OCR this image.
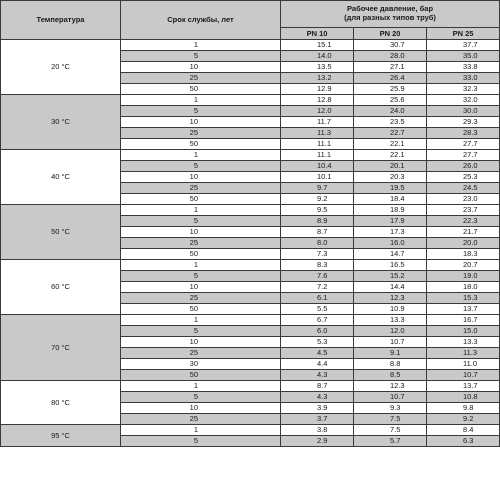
Температура	Срок службы, лет	Рабочее давление, бар
(для разных типов труб)		
		PN 10	PN 20	PN 25
20 °C	1	15.1	30.7	37.7
	5	14.0	28.0	35.0
	10	13.5	27.1	33.8
	25	13.2	26.4	33.0
	50	12.9	25.9	32.3
30 °C	1	12.8	25.6	32.0
	5	12.0	24.0	30.0
	10	11.7	23.5	29.3
	25	11.3	22.7	28.3
	50	11.1	22.1	27.7
40 °C	1	11.1	22.1	27.7
	5	10.4	20.1	26.0
	10	10.1	20.3	25.3
	25	9.7	19.5	24.5
	50	9.2	18.4	23.0
50 °C	1	9.5	18.9	23.7
	5	8.9	17.9	22.3
	10	8.7	17.3	21.7
	25	8.0	16.0	20.0
	50	7.3	14.7	18.3
60 °C	1	8.3	16.5	20.7
	5	7.6	15.2	19.0
	10	7.2	14.4	18.0
	25	6.1	12.3	15.3
	50	5.5	10.9	13.7
70 °C	1	6.7	13.3	16.7
	5	6.0	12.0	15.0
	10	5.3	10.7	13.3
	25	4.5	9.1	11.3
	30	4.4	8.8	11.0
	50	4.3	8.5	10.7
80 °C	1	8.7	12.3	13.7
	5	4.3	10.7	10.8
	10	3.9	9.3	9.8
	25	3.7	7.5	9.2
95 °C	1	3.8	7.5	8.4
	5	2.9	5.7	6.3
